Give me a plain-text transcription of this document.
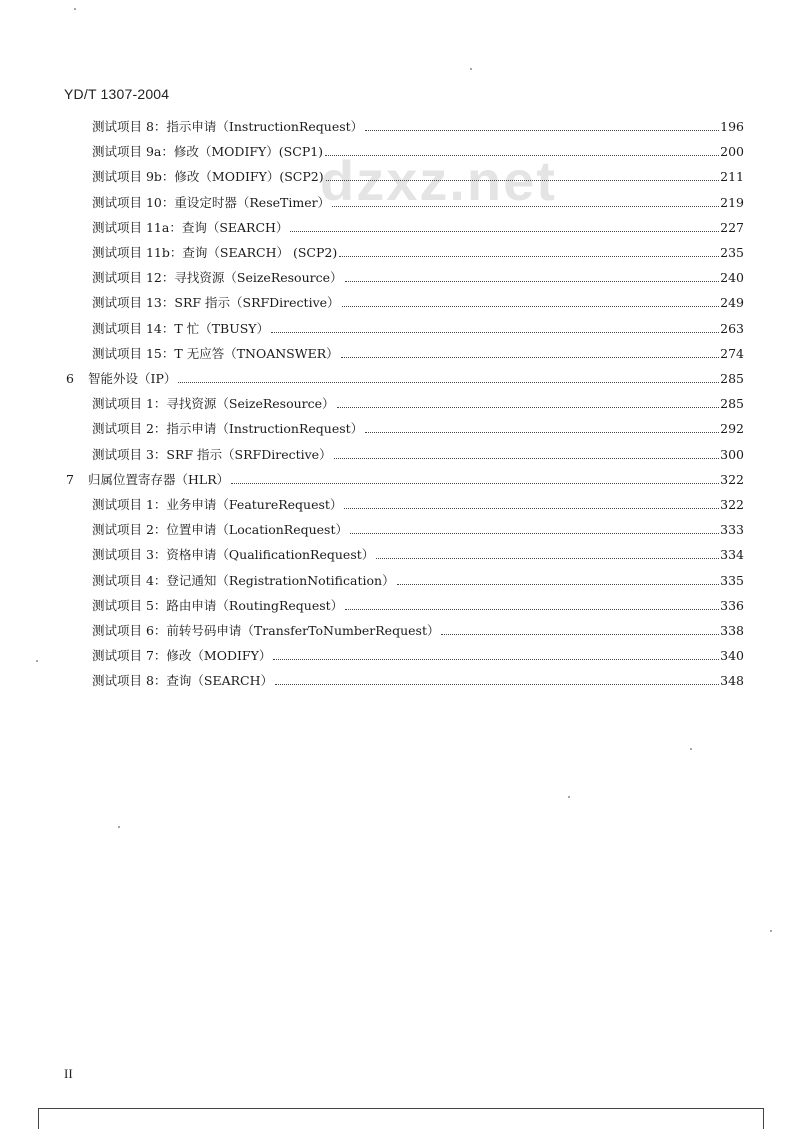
YD/T 1307-2004
dzxz.net
测试项目 8：指示申请（InstructionRequest）	196
测试项目 9a：修改（MODIFY）(SCP1)	200
测试项目 9b：修改（MODIFY）(SCP2)	211
测试项目 10：重设定时器（ReseTimer）	219
测试项目 11a：查询（SEARCH）	227
测试项目 11b：查询（SEARCH） (SCP2)	235
测试项目 12：寻找资源（SeizeResource）	240
测试项目 13：SRF 指示（SRFDirective）	249
测试项目 14：T 忙（TBUSY）	263
测试项目 15：T 无应答（TNOANSWER）	274
6	智能外设（IP）	285
测试项目 1：寻找资源（SeizeResource）	285
测试项目 2：指示申请（InstructionRequest）	292
测试项目 3：SRF 指示（SRFDirective）	300
7	归属位置寄存器（HLR）	322
测试项目 1：业务申请（FeatureRequest）	322
测试项目 2：位置申请（LocationRequest）	333
测试项目 3：资格申请（QualificationRequest）	334
测试项目 4：登记通知（RegistrationNotification）	335
测试项目 5：路由申请（RoutingRequest）	336
测试项目 6：前转号码申请（TransferToNumberRequest）	338
测试项目 7：修改（MODIFY）	340
测试项目 8：查询（SEARCH）	348
II
